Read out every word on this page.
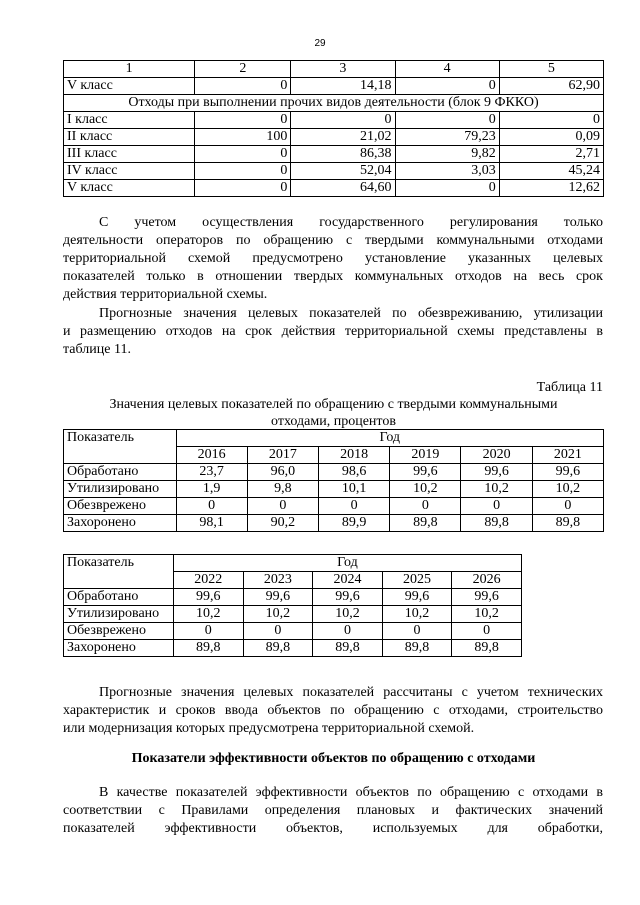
29
1	2	3	4	5
V класс	0	14,18	0	62,90
Отходы при выполнении прочих видов деятельности (блок 9 ФККО)				
I класс	0	0	0	0
II класс	100	21,02	79,23	0,09
III класс	0	86,38	9,82	2,71
IV класс	0	52,04	3,03	45,24
V класс	0	64,60	0	12,62
С учетом осуществления государственного регулирования только
деятельности операторов по обращению с твердыми коммунальными отходами
территориальной схемой предусмотрено установление указанных целевых
показателей только в отношении твердых коммунальных отходов на весь срок
действия территориальной схемы.
Прогнозные значения целевых показателей по обезвреживанию, утилизации
и размещению отходов на срок действия территориальной схемы представлены в
таблице 11.
Таблица 11
Значения целевых показателей по обращению с твердыми коммунальными
отходами, процентов
Показатель	Год					
	2016	2017	2018	2019	2020	2021
Обработано	23,7	96,0	98,6	99,6	99,6	99,6
Утилизировано	1,9	9,8	10,1	10,2	10,2	10,2
Обезврежено	0	0	0	0	0	0
Захоронено	98,1	90,2	89,9	89,8	89,8	89,8
Показатель	Год				
	2022	2023	2024	2025	2026
Обработано	99,6	99,6	99,6	99,6	99,6
Утилизировано	10,2	10,2	10,2	10,2	10,2
Обезврежено	0	0	0	0	0
Захоронено	89,8	89,8	89,8	89,8	89,8
Прогнозные значения целевых показателей рассчитаны с учетом технических
характеристик и сроков ввода объектов по обращению с отходами, строительство
или модернизация которых предусмотрена территориальной схемой.
Показатели эффективности объектов по обращению с отходами
В качестве показателей эффективности объектов по обращению с отходами в
соответствии с Правилами определения плановых и фактических значений
показателей эффективности объектов, используемых для обработки,
